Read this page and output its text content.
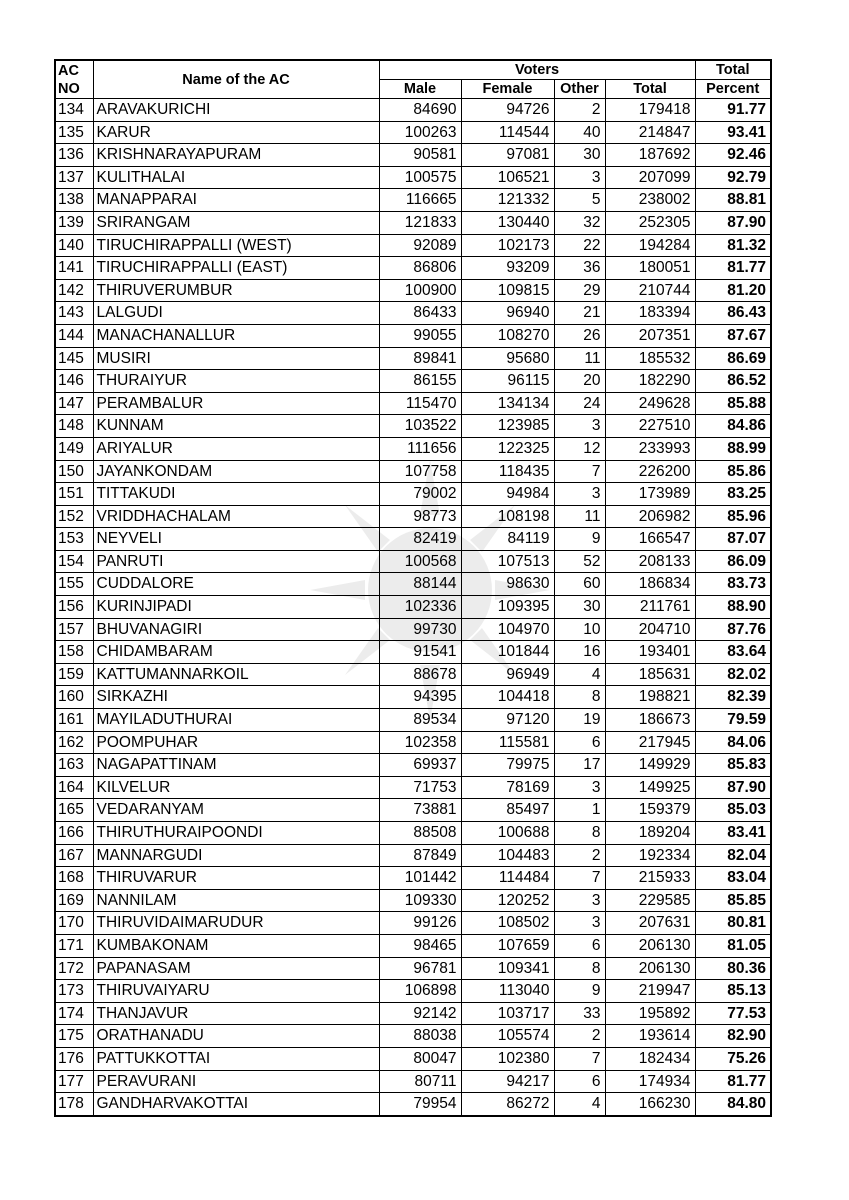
AC
NO	Name of the AC	Voters				Total
		Male	Female	Other	Total	Percent
134	ARAVAKURICHI	84690	94726	2	179418	91.77
135	KARUR	100263	114544	40	214847	93.41
136	KRISHNARAYAPURAM	90581	97081	30	187692	92.46
137	KULITHALAI	100575	106521	3	207099	92.79
138	MANAPPARAI	116665	121332	5	238002	88.81
139	SRIRANGAM	121833	130440	32	252305	87.90
140	TIRUCHIRAPPALLI (WEST)	92089	102173	22	194284	81.32
141	TIRUCHIRAPPALLI (EAST)	86806	93209	36	180051	81.77
142	THIRUVERUMBUR	100900	109815	29	210744	81.20
143	LALGUDI	86433	96940	21	183394	86.43
144	MANACHANALLUR	99055	108270	26	207351	87.67
145	MUSIRI	89841	95680	11	185532	86.69
146	THURAIYUR	86155	96115	20	182290	86.52
147	PERAMBALUR	115470	134134	24	249628	85.88
148	KUNNAM	103522	123985	3	227510	84.86
149	ARIYALUR	111656	122325	12	233993	88.99
150	JAYANKONDAM	107758	118435	7	226200	85.86
151	TITTAKUDI	79002	94984	3	173989	83.25
152	VRIDDHACHALAM	98773	108198	11	206982	85.96
153	NEYVELI	82419	84119	9	166547	87.07
154	PANRUTI	100568	107513	52	208133	86.09
155	CUDDALORE	88144	98630	60	186834	83.73
156	KURINJIPADI	102336	109395	30	211761	88.90
157	BHUVANAGIRI	99730	104970	10	204710	87.76
158	CHIDAMBARAM	91541	101844	16	193401	83.64
159	KATTUMANNARKOIL	88678	96949	4	185631	82.02
160	SIRKAZHI	94395	104418	8	198821	82.39
161	MAYILADUTHURAI	89534	97120	19	186673	79.59
162	POOMPUHAR	102358	115581	6	217945	84.06
163	NAGAPATTINAM	69937	79975	17	149929	85.83
164	KILVELUR	71753	78169	3	149925	87.90
165	VEDARANYAM	73881	85497	1	159379	85.03
166	THIRUTHURAIPOONDI	88508	100688	8	189204	83.41
167	MANNARGUDI	87849	104483	2	192334	82.04
168	THIRUVARUR	101442	114484	7	215933	83.04
169	NANNILAM	109330	120252	3	229585	85.85
170	THIRUVIDAIMARUDUR	99126	108502	3	207631	80.81
171	KUMBAKONAM	98465	107659	6	206130	81.05
172	PAPANASAM	96781	109341	8	206130	80.36
173	THIRUVAIYARU	106898	113040	9	219947	85.13
174	THANJAVUR	92142	103717	33	195892	77.53
175	ORATHANADU	88038	105574	2	193614	82.90
176	PATTUKKOTTAI	80047	102380	7	182434	75.26
177	PERAVURANI	80711	94217	6	174934	81.77
178	GANDHARVAKOTTAI	79954	86272	4	166230	84.80
